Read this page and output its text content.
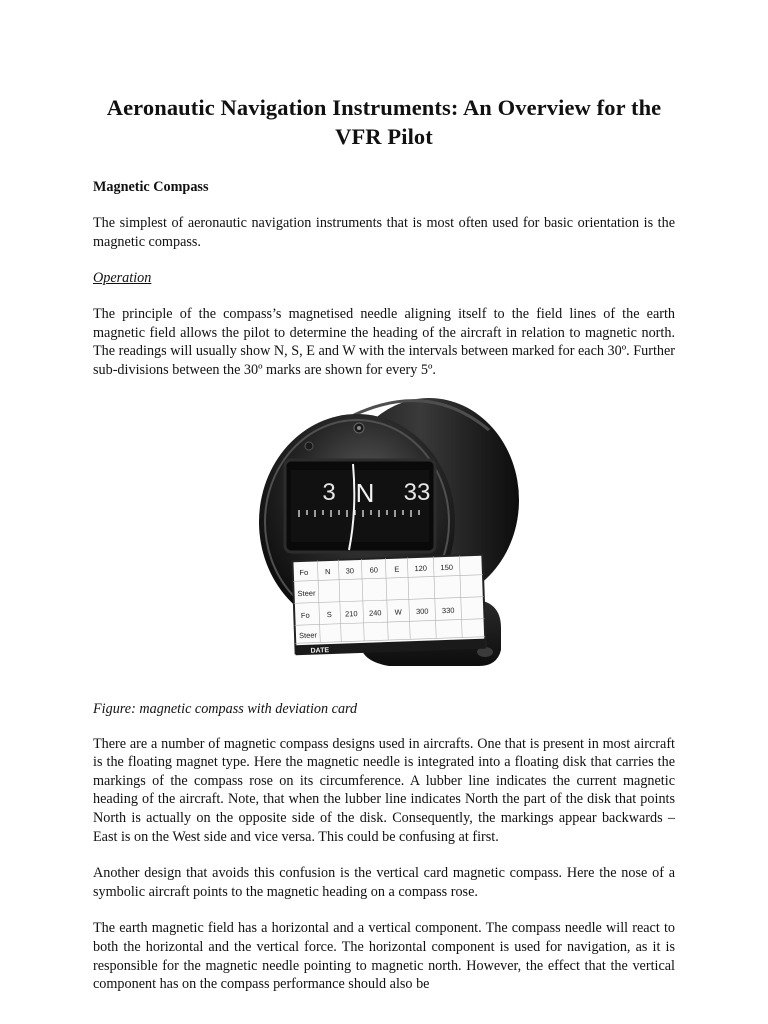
Aeronautic Navigation Instruments: An Overview for the VFR Pilot
Magnetic Compass

The simplest of aeronautic navigation instruments that is most often used for basic orientation is the magnetic compass.

Operation

The principle of the compass’s magnetised needle aligning itself to the field lines of the earth magnetic field allows the pilot to determine the heading of the aircraft in relation to magnetic north. The readings will usually show N, S, E and W with the intervals between marked for each 30º. Further sub-divisions between the 30º marks are shown for every 5º.

3 N 33
Fo N 30 60 E 120 150
Steer
Fo S 210 240 W 300 330
Steer
DATE
Figure: magnetic compass with deviation card

There are a number of magnetic compass designs used in aircrafts. One that is present in most aircraft is the floating magnet type. Here the magnetic needle is integrated into a floating disk that carries the markings of the compass rose on its circumference. A lubber line indicates the current magnetic heading of the aircraft. Note, that when the lubber line indicates North the part of the disk that points North is actually on the opposite side of the disk. Consequently, the markings appear backwards – East is on the West side and vice versa. This could be confusing at first.

Another design that avoids this confusion is the vertical card magnetic compass. Here the nose of a symbolic aircraft points to the magnetic heading on a compass rose.

The earth magnetic field has a horizontal and a vertical component. The compass needle will react to both the horizontal and the vertical force. The horizontal component is used for navigation, as it is responsible for the magnetic needle pointing to magnetic north. However, the effect that the vertical component has on the compass performance should also be
